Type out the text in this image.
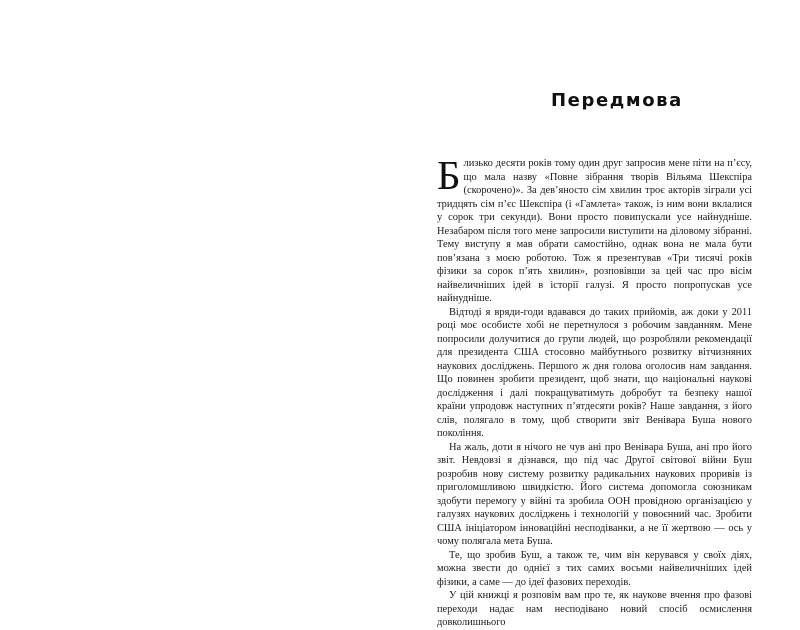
Передмова

Близько десяти років тому один друг запросив мене піти на п’єсу, що мала назву «Повне зібрання творів Вільяма Шекспіра (скорочено)». За дев’яносто сім хвилин троє акторів зіграли усі тридцять сім п’єс Шекспіра (і «Гамлета» також, із ним вони вклалися у сорок три секунди). Вони просто повипускали усе найнудніше. Незабаром після того мене запросили виступити на діловому зібранні. Тему виступу я мав обрати самостійно, однак вона не мала бути пов’язана з моєю роботою. Тож я презентував «Три тисячі років фізики за сорок п’ять хвилин», розповівши за цей час про вісім найвеличніших ідей в історії галузі. Я просто попропускав усе найнудніше.

Відтоді я вряди-годи вдавався до таких прийомів, аж доки у 2011 році моє особисте хобі не перетнулося з робочим завданням. Мене попросили долучитися до групи людей, що розробляли рекомендації для президента США стосовно майбутнього розвитку вітчизняних наукових досліджень. Першого ж дня голова оголосив нам завдання. Що повинен зробити президент, щоб знати, що національні наукові дослідження і далі покращуватимуть добробут та безпеку нашої країни упродовж наступних п’ятдесяти років? Наше завдання, з його слів, полягало в тому, щоб створити звіт Венівара Буша нового покоління.

На жаль, доти я нічого не чув ані про Венівара Буша, ані про його звіт. Невдовзі я дізнався, що під час Другої світової війни Буш розробив нову систему розвитку радикальних наукових проривів із приголомшливою швидкістю. Його система допомогла союзникам здобути перемогу у війні та зробила ООН провідною організацією у галузях наукових досліджень і технологій у повоєнний час. Зробити США ініціатором інноваційні несподіванки, а не її жертвою — ось у чому полягала мета Буша.

Те, що зробив Буш, а також те, чим він керувався у своїх діях, можна звести до однієї з тих самих восьми найвеличніших ідей фізики, а саме — до ідеї фазових переходів.

У цій книжці я розповім вам про те, як наукове вчення про фазові переходи надає нам несподівано новий спосіб осмислення довколишнього
